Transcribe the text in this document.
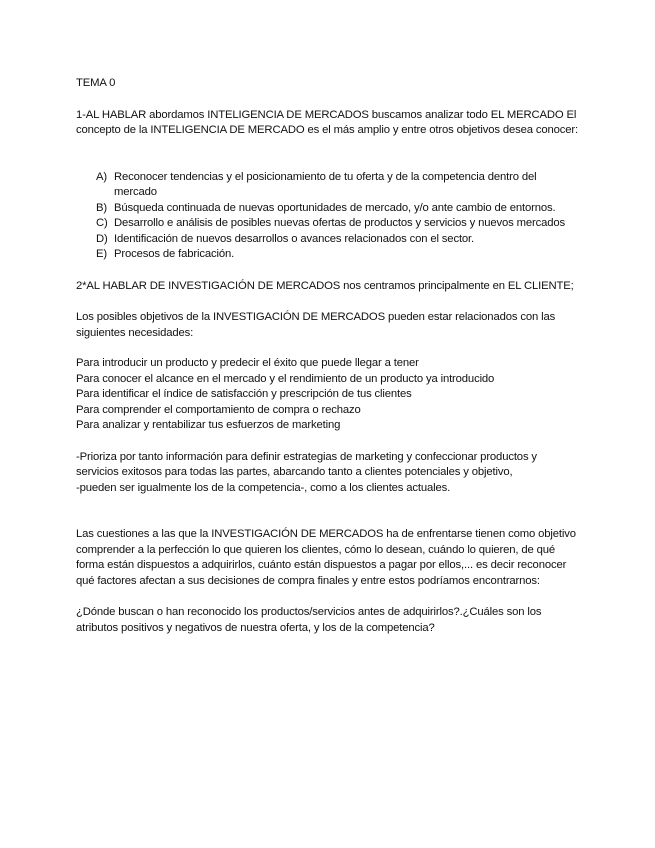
TEMA 0

1-AL HABLAR abordamos INTELIGENCIA DE MERCADOS buscamos analizar todo EL MERCADO El concepto de la INTELIGENCIA DE MERCADO es el más amplio y entre otros objetivos desea conocer:

A) Reconocer tendencias y el posicionamiento de tu oferta y de la competencia dentro del mercado
B) Búsqueda continuada de nuevas oportunidades de mercado, y/o ante cambio de entornos.
C) Desarrollo e análisis de posibles nuevas ofertas de productos y servicios y nuevos mercados
D) Identificación de nuevos desarrollos o avances relacionados con el sector.
E) Procesos de fabricación.

2*AL HABLAR DE INVESTIGACIÓN DE MERCADOS nos centramos principalmente en EL CLIENTE;

Los posibles objetivos de la INVESTIGACIÓN DE MERCADOS pueden estar relacionados con las siguientes necesidades:

Para introducir un producto y predecir el éxito que puede llegar a tener

Para conocer el alcance en el mercado y el rendimiento de un producto ya introducido

Para identificar el índice de satisfacción y prescripción de tus clientes

Para comprender el comportamiento de compra o rechazo

Para analizar y rentabilizar tus esfuerzos de marketing

-Prioriza por tanto información para definir estrategias de marketing y confeccionar productos y servicios exitosos para todas las partes, abarcando tanto a clientes potenciales y objetivo,

-pueden ser igualmente los de la competencia-, como a los clientes actuales.

Las cuestiones a las que la INVESTIGACIÓN DE MERCADOS ha de enfrentarse tienen como objetivo comprender a la perfección lo que quieren los clientes, cómo lo desean, cuándo lo quieren, de qué forma están dispuestos a adquirirlos, cuánto están dispuestos a pagar por ellos,... es decir reconocer qué factores afectan a sus decisiones de compra finales y entre estos podríamos encontrarnos:

¿Dónde buscan o han reconocido los productos/servicios antes de adquirirlos?.¿Cuáles son los atributos positivos y negativos de nuestra oferta, y los de la competencia?
